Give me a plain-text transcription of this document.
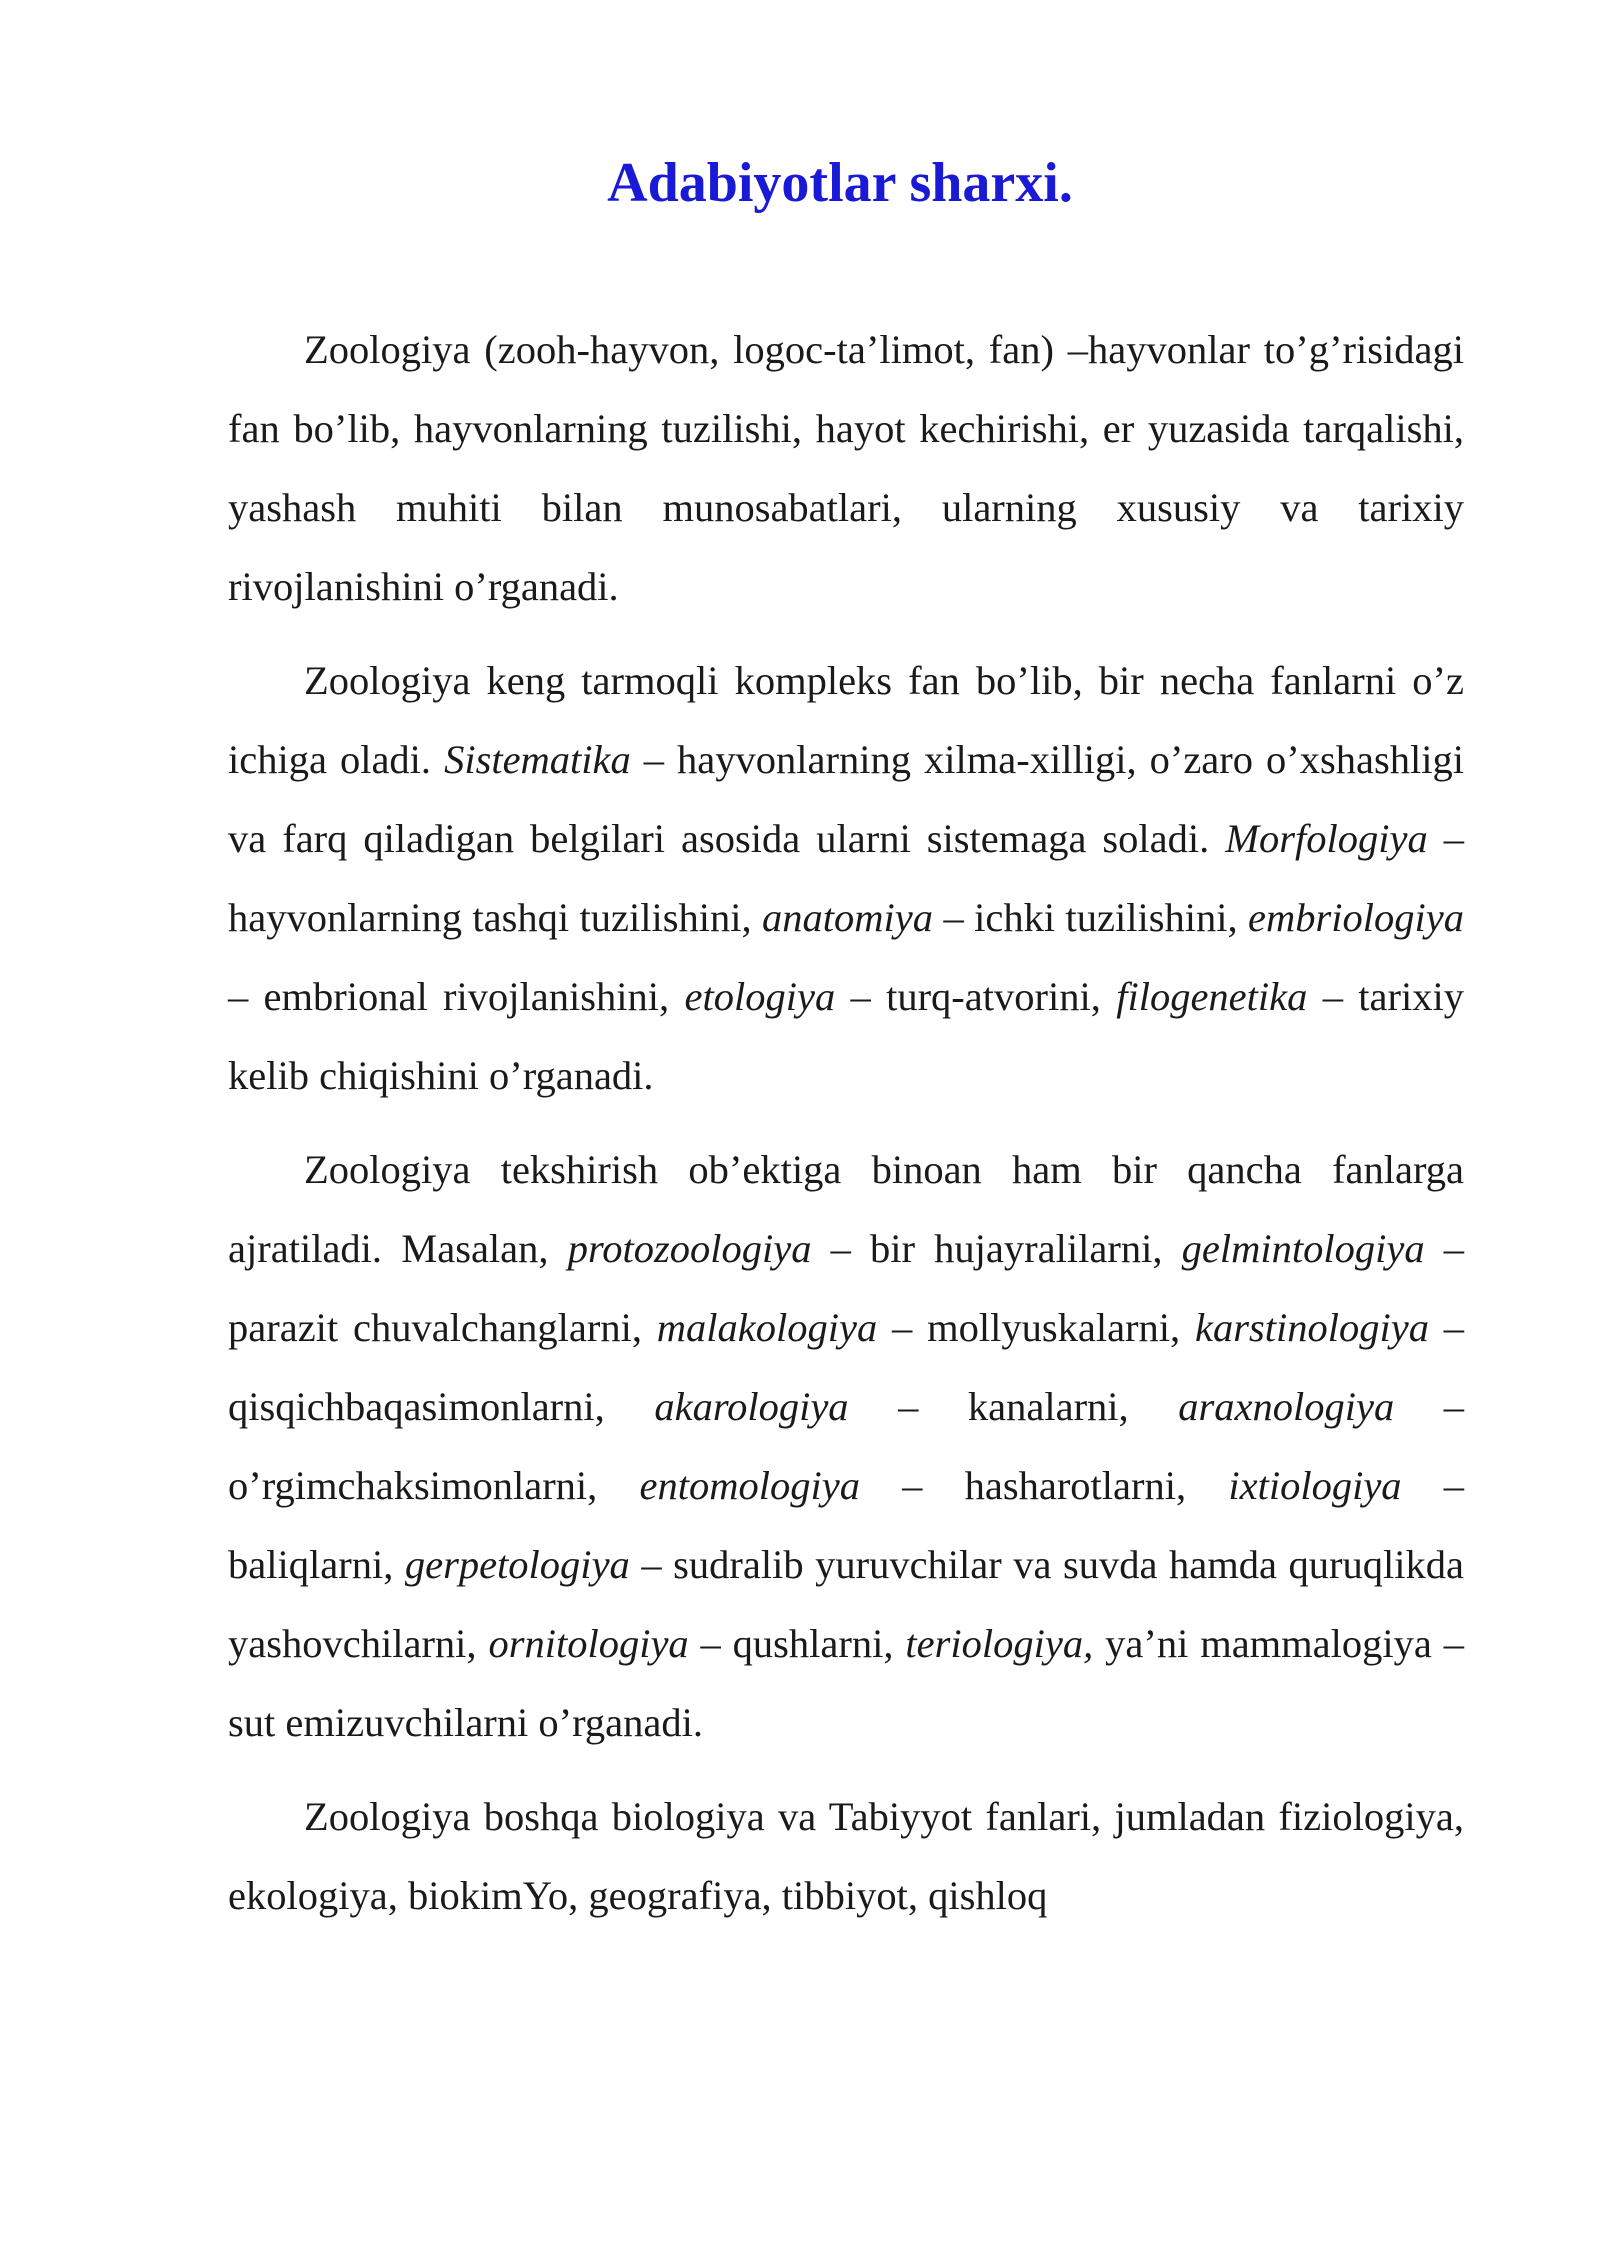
Adabiyotlar sharxi.

Zoologiya (zooh-hayvon, logoc-ta’limot, fan) –hayvonlar to’g’risidagi fan bo’lib, hayvonlarning tuzilishi, hayot kechirishi, er yuzasida tarqalishi, yashash muhiti bilan munosabatlari, ularning xususiy va tarixiy rivojlanishini o’rganadi.

Zoologiya keng tarmoqli kompleks fan bo’lib, bir necha fanlarni o’z ichiga oladi. Sistematika – hayvonlarning xilma-xilligi, o’zaro o’xshashligi va farq qiladigan belgilari asosida ularni sistemaga soladi. Morfologiya – hayvonlarning tashqi tuzilishini, anatomiya – ichki tuzilishini, embriologiya – embrional rivojlanishini, etologiya – turq-atvorini, filogenetika – tarixiy kelib chiqishini o’rganadi.

Zoologiya tekshirish ob’ektiga binoan ham bir qancha fanlarga ajratiladi. Masalan, protozoologiya – bir hujayralilarni, gelmintologiya – parazit chuvalchanglarni, malakologiya – mollyuskalarni, karstinologiya – qisqichbaqasimonlarni, akarologiya – kanalarni, araxnologiya – o’rgimchaksimonlarni, entomologiya – hasharotlarni, ixtiologiya – baliqlarni, gerpetologiya – sudralib yuruvchilar va suvda hamda quruqlikda yashovchilarni, ornitologiya – qushlarni, teriologiya, ya’ni mammalogiya – sut emizuvchilarni o’rganadi.

Zoologiya boshqa biologiya va Tabiyyot fanlari, jumladan fiziologiya, ekologiya, biokimYo, geografiya, tibbiyot, qishloq
